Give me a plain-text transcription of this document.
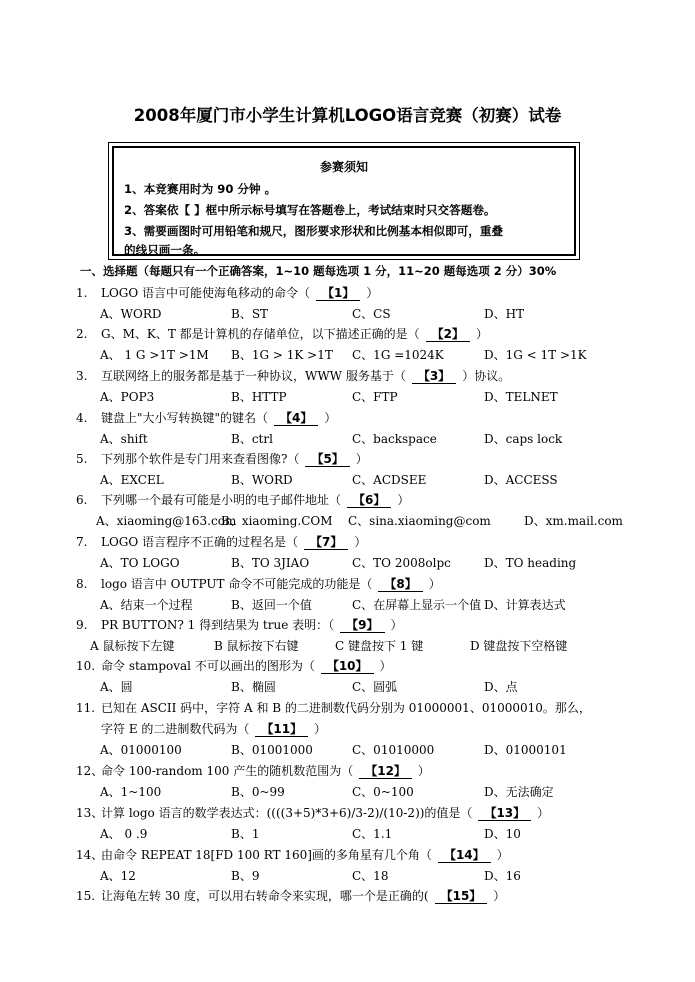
2008年厦门市小学生计算机LOGO语言竞赛（初赛）试卷
参赛须知
1、本竞赛用时为 90 分钟 。
2、答案依【 】框中所示标号填写在答题卷上，考试结束时只交答题卷。
3、需要画图时可用铅笔和规尺，图形要求形状和比例基本相似即可，重叠
的线只画一条。
一、选择题（每题只有一个正确答案，1~10 题每选项 1 分，11~20 题每选项 2 分）30%
1. LOGO 语言中可能使海龟移动的命令（ 【1】 ）
A、WORD	B、ST	C、CS	D、HT
2. G、M、K、T 都是计算机的存储单位，以下描述正确的是（ 【2】 ）
A、 1 G >1T >1M B、1G > 1K >1T C、1G =1024K	D、1G < 1T >1K
3. 互联网络上的服务都是基于一种协议，WWW 服务基于（ 【3】 ）协议。
A、POP3	B、HTTP	C、FTP	D、TELNET
4. 键盘上"大小写转换键"的键名（ 【4】 ）
A、shift	B、ctrl	C、backspace	D、caps lock
5. 下列那个软件是专门用来查看图像?（ 【5】 ）
A、EXCEL	B、WORD	C、ACDSEE	D、ACCESS
6. 下列哪一个最有可能是小明的电子邮件地址（ 【6】 ）
A、xiaoming@163.com
B、xiaoming.COM C、sina.xiaoming@com	D、xm.mail.com
7. LOGO 语言程序不正确的过程名是（ 【7】 ）
A、TO LOGO	B、TO 3JIAO	C、TO 2008olpc	D、TO heading
8. logo 语言中 OUTPUT 命令不可能完成的功能是（ 【8】 ）
A、结束一个过程	B、返回一个值	C、在屏幕上显示一个值 D、计算表达式
9. PR BUTTON? 1 得到结果为 true 表明：（ 【9】 ）
A 鼠标按下左键	B 鼠标按下右键	C 键盘按下 1 键	D 键盘按下空格键
10. 命令 stampoval 不可以画出的图形为（ 【10】 ）
A、圆	B、椭圆	C、圆弧	D、点
11. 已知在 ASCII 码中，字符 A 和 B 的二进制数代码分别为 01000001、01000010。那么，
字符 E 的二进制数代码为（ 【11】 ）
A、01000100	B、01001000	C、01010000	D、01000101
12、命令 100-random 100 产生的随机数范围为（ 【12】 ）
A、1~100	B、0~99	C、0~100	D、无法确定
13、计算 logo 语言的数学表达式：((((3+5)*3+6)/3-2)/(10-2))的值是（ 【13】 ）
A、 0 .9	B、1	C、1.1	D、10
14、由命令 REPEAT 18[FD 100 RT 160]画的多角星有几个角（ 【14】 ）
A、12	B、9	C、18	D、16
15. 让海龟左转 30 度，可以用右转命令来实现，哪一个是正确的( 【15】 ）
